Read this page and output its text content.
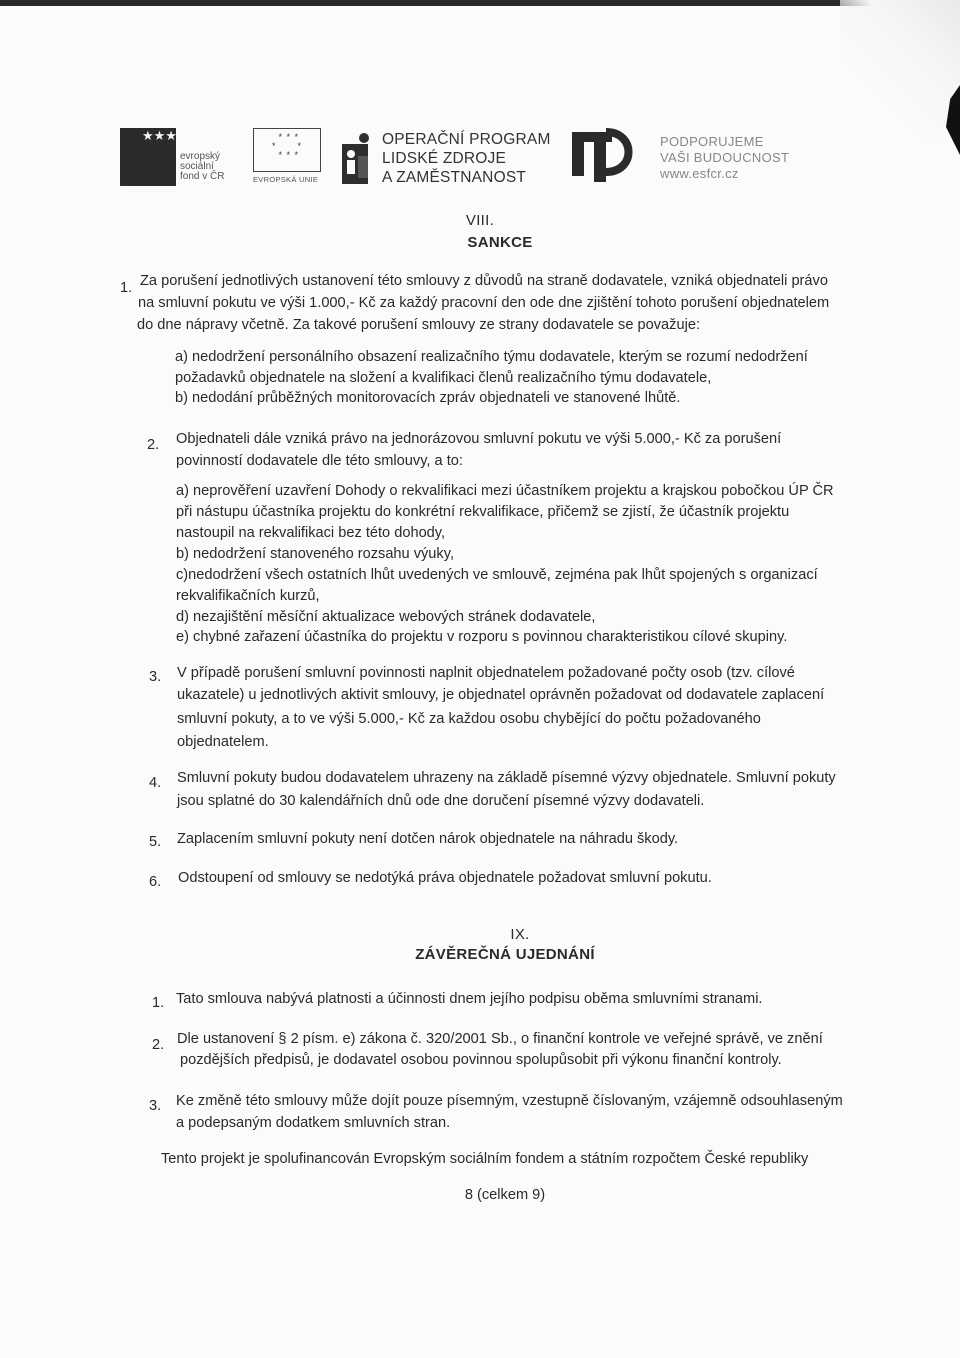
★★★
esf evropský
sociální
fond v ČR
* * *
*      *
* * *
EVROPSKÁ UNIE
OPERAČNÍ PROGRAM
LIDSKÉ ZDROJE
A ZAMĚSTNANOST
PODPORUJEME
VAŠI BUDOUCNOST
www.esfcr.cz
VIII.
SANKCE
1. Za porušení jednotlivých ustanovení této smlouvy z důvodů na straně dodavatele, vzniká objednateli právo
na smluvní pokutu ve výši 1.000,- Kč za každý pracovní den ode dne zjištění tohoto porušení objednatelem
do dne nápravy včetně. Za takové porušení smlouvy ze strany dodavatele se považuje:
a) nedodržení personálního obsazení realizačního týmu dodavatele, kterým se rozumí nedodržení
požadavků objednatele na složení a kvalifikaci členů realizačního týmu dodavatele,
b) nedodání průběžných monitorovacích zpráv objednateli ve stanovené lhůtě.
2. Objednateli dále vzniká právo na jednorázovou smluvní pokutu ve výši 5.000,- Kč za porušení
povinností dodavatele dle této smlouvy, a to:
a) neprověření uzavření Dohody o rekvalifikaci mezi účastníkem projektu a krajskou pobočkou ÚP ČR
při nástupu účastníka projektu do konkrétní rekvalifikace, přičemž se zjistí, že účastník projektu
nastoupil na rekvalifikaci bez této dohody,
b) nedodržení stanoveného rozsahu výuky,
c)nedodržení všech ostatních lhůt uvedených ve smlouvě, zejména pak lhůt spojených s organizací
rekvalifikačních kurzů,
d) nezajištění měsíční aktualizace webových stránek dodavatele,
e) chybné zařazení účastníka do projektu v rozporu s povinnou charakteristikou cílové skupiny.
3. V případě porušení smluvní povinnosti naplnit objednatelem požadované počty osob (tzv. cílové
ukazatele) u jednotlivých aktivit smlouvy, je objednatel oprávněn požadovat od dodavatele zaplacení
smluvní pokuty, a to ve výši 5.000,- Kč za každou osobu chybějící do počtu požadovaného
objednatelem.
4. Smluvní pokuty budou dodavatelem uhrazeny na základě písemné výzvy objednatele. Smluvní pokuty
jsou splatné do 30 kalendářních dnů ode dne doručení písemné výzvy dodavateli.
5. Zaplacením smluvní pokuty není dotčen nárok objednatele na náhradu škody.
6. Odstoupení od smlouvy se nedotýká práva objednatele požadovat smluvní pokutu.
IX.
ZÁVĚREČNÁ UJEDNÁNÍ
1. Tato smlouva nabývá platnosti a účinnosti dnem jejího podpisu oběma smluvními stranami.
2. Dle ustanovení § 2 písm. e) zákona č. 320/2001 Sb., o finanční kontrole ve veřejné správě, ve znění
pozdějších předpisů, je dodavatel osobou povinnou spolupůsobit při výkonu finanční kontroly.
3. Ke změně této smlouvy může dojít pouze písemným, vzestupně číslovaným, vzájemně odsouhlaseným
a podepsaným dodatkem smluvních stran.
Tento projekt je spolufinancován Evropským sociálním fondem a státním rozpočtem České republiky
8 (celkem 9)
